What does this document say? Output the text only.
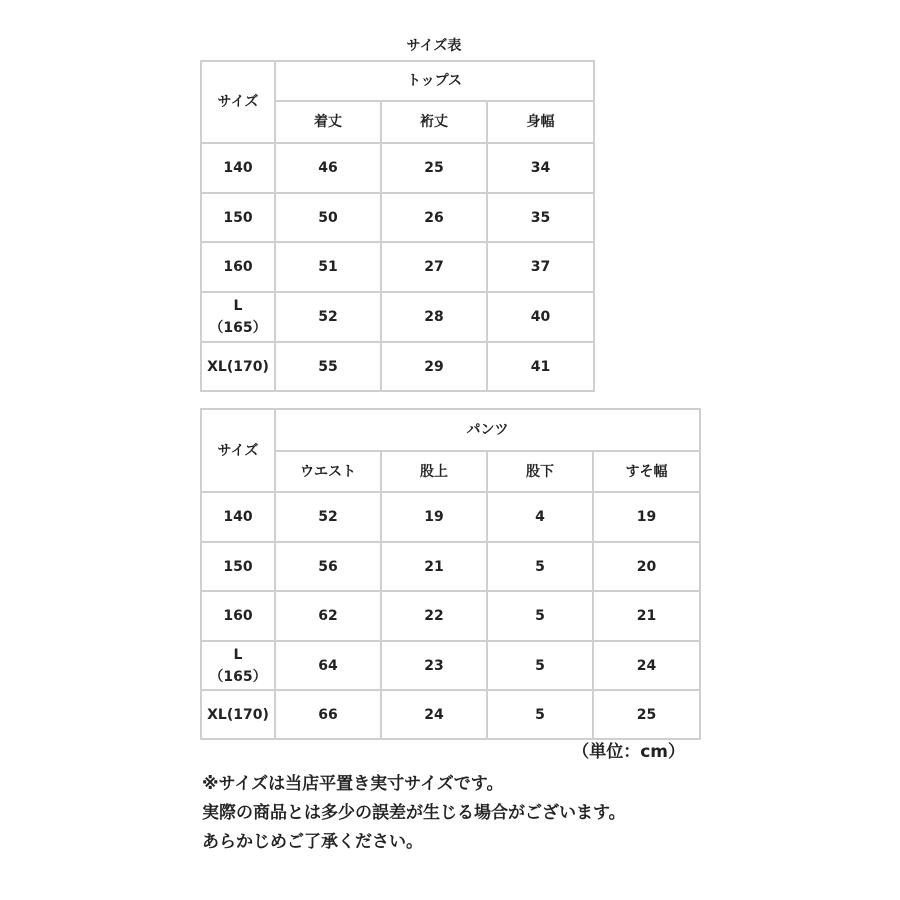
サイズ表
サイズ	トップス		
	着丈	裄丈	身幅

140	46	25	34

150	50	26	35

160	51	27	37

L
（165）	52	28	40

XL(170)	55	29	41
サイズ	パンツ			
	ウエスト	股上	股下	すそ幅

140	52	19	4	19

150	56	21	5	20

160	62	22	5	21

L
（165）	64	23	5	24

XL(170)	66	24	5	25
（単位：cm）
※サイズは当店平置き実寸サイズです。
実際の商品とは多少の誤差が生じる場合がございます。
あらかじめご了承ください。
